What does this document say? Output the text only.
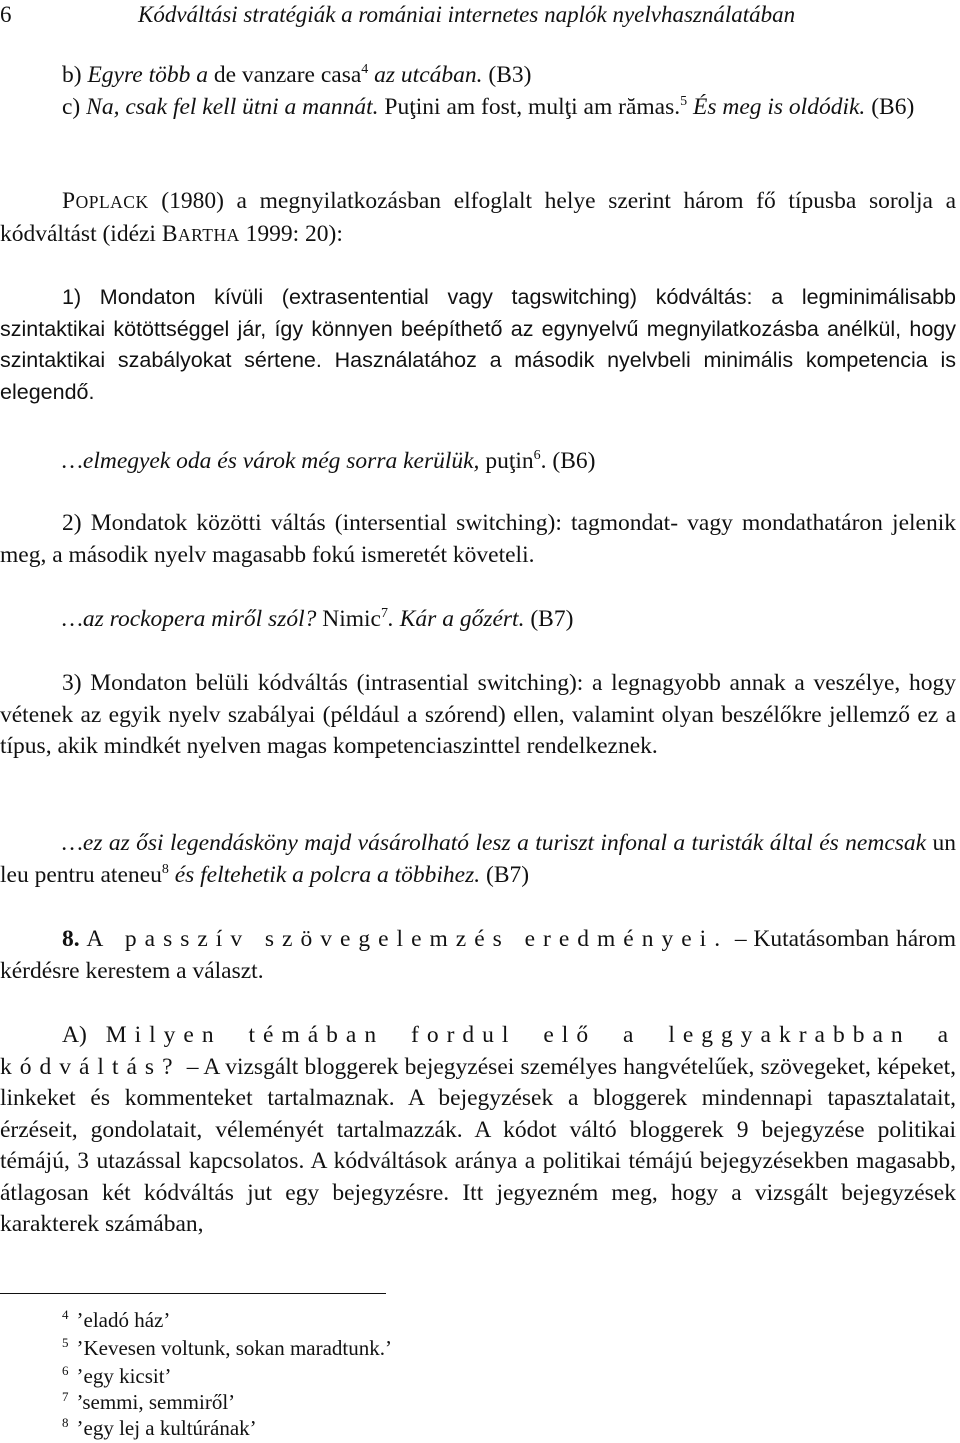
6	Kódváltási stratégiák a romániai internetes naplók nyelvhasználatában
b) Egyre több a de vanzare casa$^4$ az utcában. (B3)
c) Na, csak fel kell ütni a mannát. Puţini am fost, mulţi am rămas.$^5$ És meg is oldódik. (B6)
POPLACK (1980) a megnyilatkozásban elfoglalt helye szerint három fő típusba sorolja a kódváltást (idézi BARTHA 1999: 20):
1) Mondaton kívüli (extrasentential vagy tagswitching) kódváltás: a legminimálisabb szintaktikai kötöttséggel jár, így könnyen beépíthető az egynyelvű megnyilatkozásba anélkül, hogy szintaktikai szabályokat sértene. Használatához a második nyelvbeli minimális kompetencia is elegendő.
…elmegyek oda és várok még sorra kerülük, puţin$^6$. (B6)
2) Mondatok közötti váltás (intersential switching): tagmondat- vagy mondathatáron jelenik meg, a második nyelv magasabb fokú ismeretét követeli.
…az rockopera miről szól? Nimic$^7$. Kár a gőzért. (B7)
3) Mondaton belüli kódváltás (intrasential switching): a legnagyobb annak a veszélye, hogy vétenek az egyik nyelv szabályai (például a szórend) ellen, valamint olyan beszélőkre jellemző ez a típus, akik mindkét nyelven magas kompetenciaszinttel rendelkeznek.
…ez az ősi legendásköny majd vásárolható lesz a turiszt infonal a turisták által és nemcsak un leu pentru ateneu$^8$ és feltehetik a polcra a többihez. (B7)
8. A passzív szövegelemzés eredményei. – Kutatásomban három kérdésre kerestem a választ.
A) Milyen témában fordul elő a leggyakrabban a kódváltás? – A vizsgált bloggerek bejegyzései személyes hangvételűek, szövegeket, képeket, linkeket és kommenteket tartalmaznak. A bejegyzések a bloggerek mindennapi tapasztalatait, érzéseit, gondolatait, véleményét tartalmazzák. A kódot váltó bloggerek 9 bejegyzése politikai témájú, 3 utazással kapcsolatos. A kódváltások aránya a politikai témájú bejegyzésekben magasabb, átlagosan két kódváltás jut egy bejegyzésre. Itt jegyezném meg, hogy a vizsgált bejegyzések karakterek számában,
$^4$ ’eladó ház’
$^5$ ’Kevesen voltunk, sokan maradtunk.’
$^6$ ’egy kicsit’
$^7$ ’semmi, semmiről’
$^8$ ’egy lej a kultúrának’
